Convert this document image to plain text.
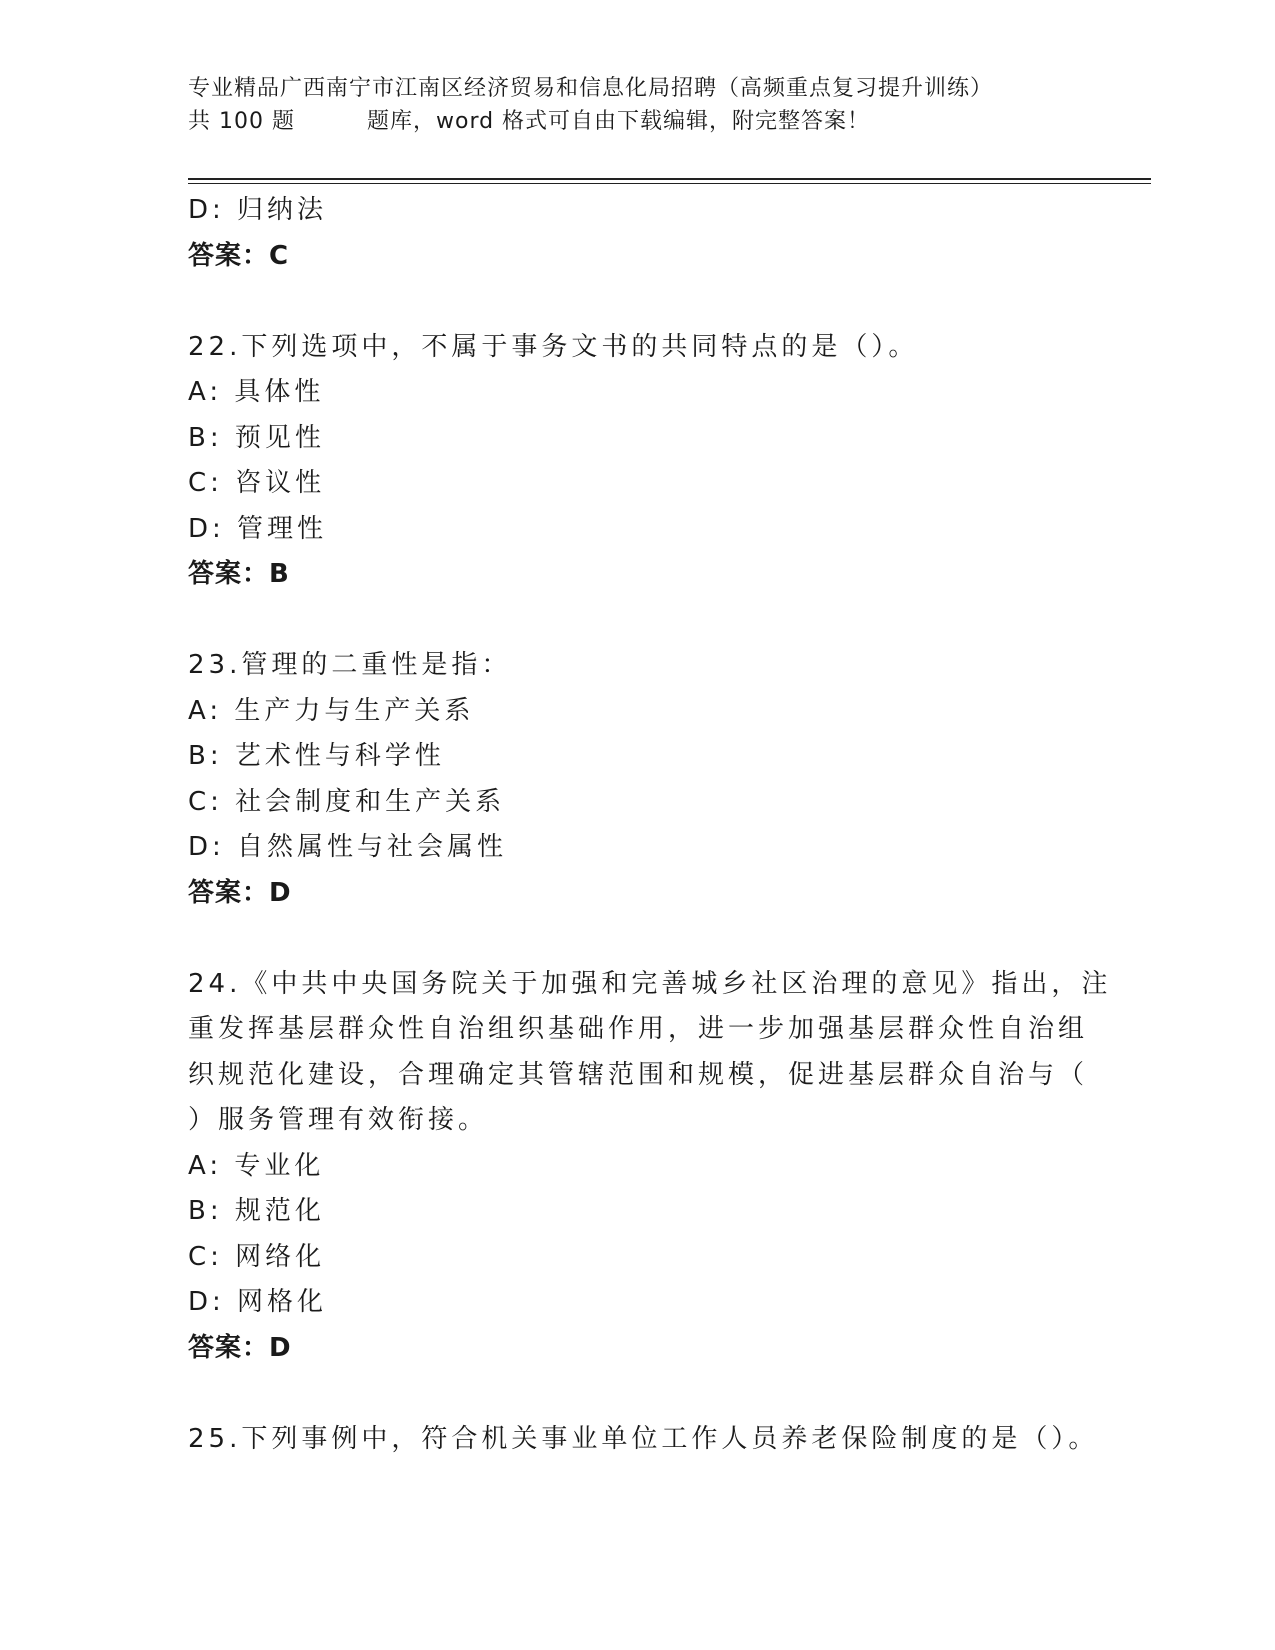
专业精品广西南宁市江南区经济贸易和信息化局招聘（高频重点复习提升训练）
共 100 题	题库，word 格式可自由下载编辑，附完整答案！
D: 归纳法
答案：C
22.下列选项中，不属于事务文书的共同特点的是（）。
A: 具体性
B: 预见性
C: 咨议性
D: 管理性
答案：B
23.管理的二重性是指：
A: 生产力与生产关系
B: 艺术性与科学性
C: 社会制度和生产关系
D: 自然属性与社会属性
答案：D
24.《中共中央国务院关于加强和完善城乡社区治理的意见》指出，注
重发挥基层群众性自治组织基础作用，进一步加强基层群众性自治组
织规范化建设，合理确定其管辖范围和规模，促进基层群众自治与（
）服务管理有效衔接。
A: 专业化
B: 规范化
C: 网络化
D: 网格化
答案：D
25.下列事例中，符合机关事业单位工作人员养老保险制度的是（）。
